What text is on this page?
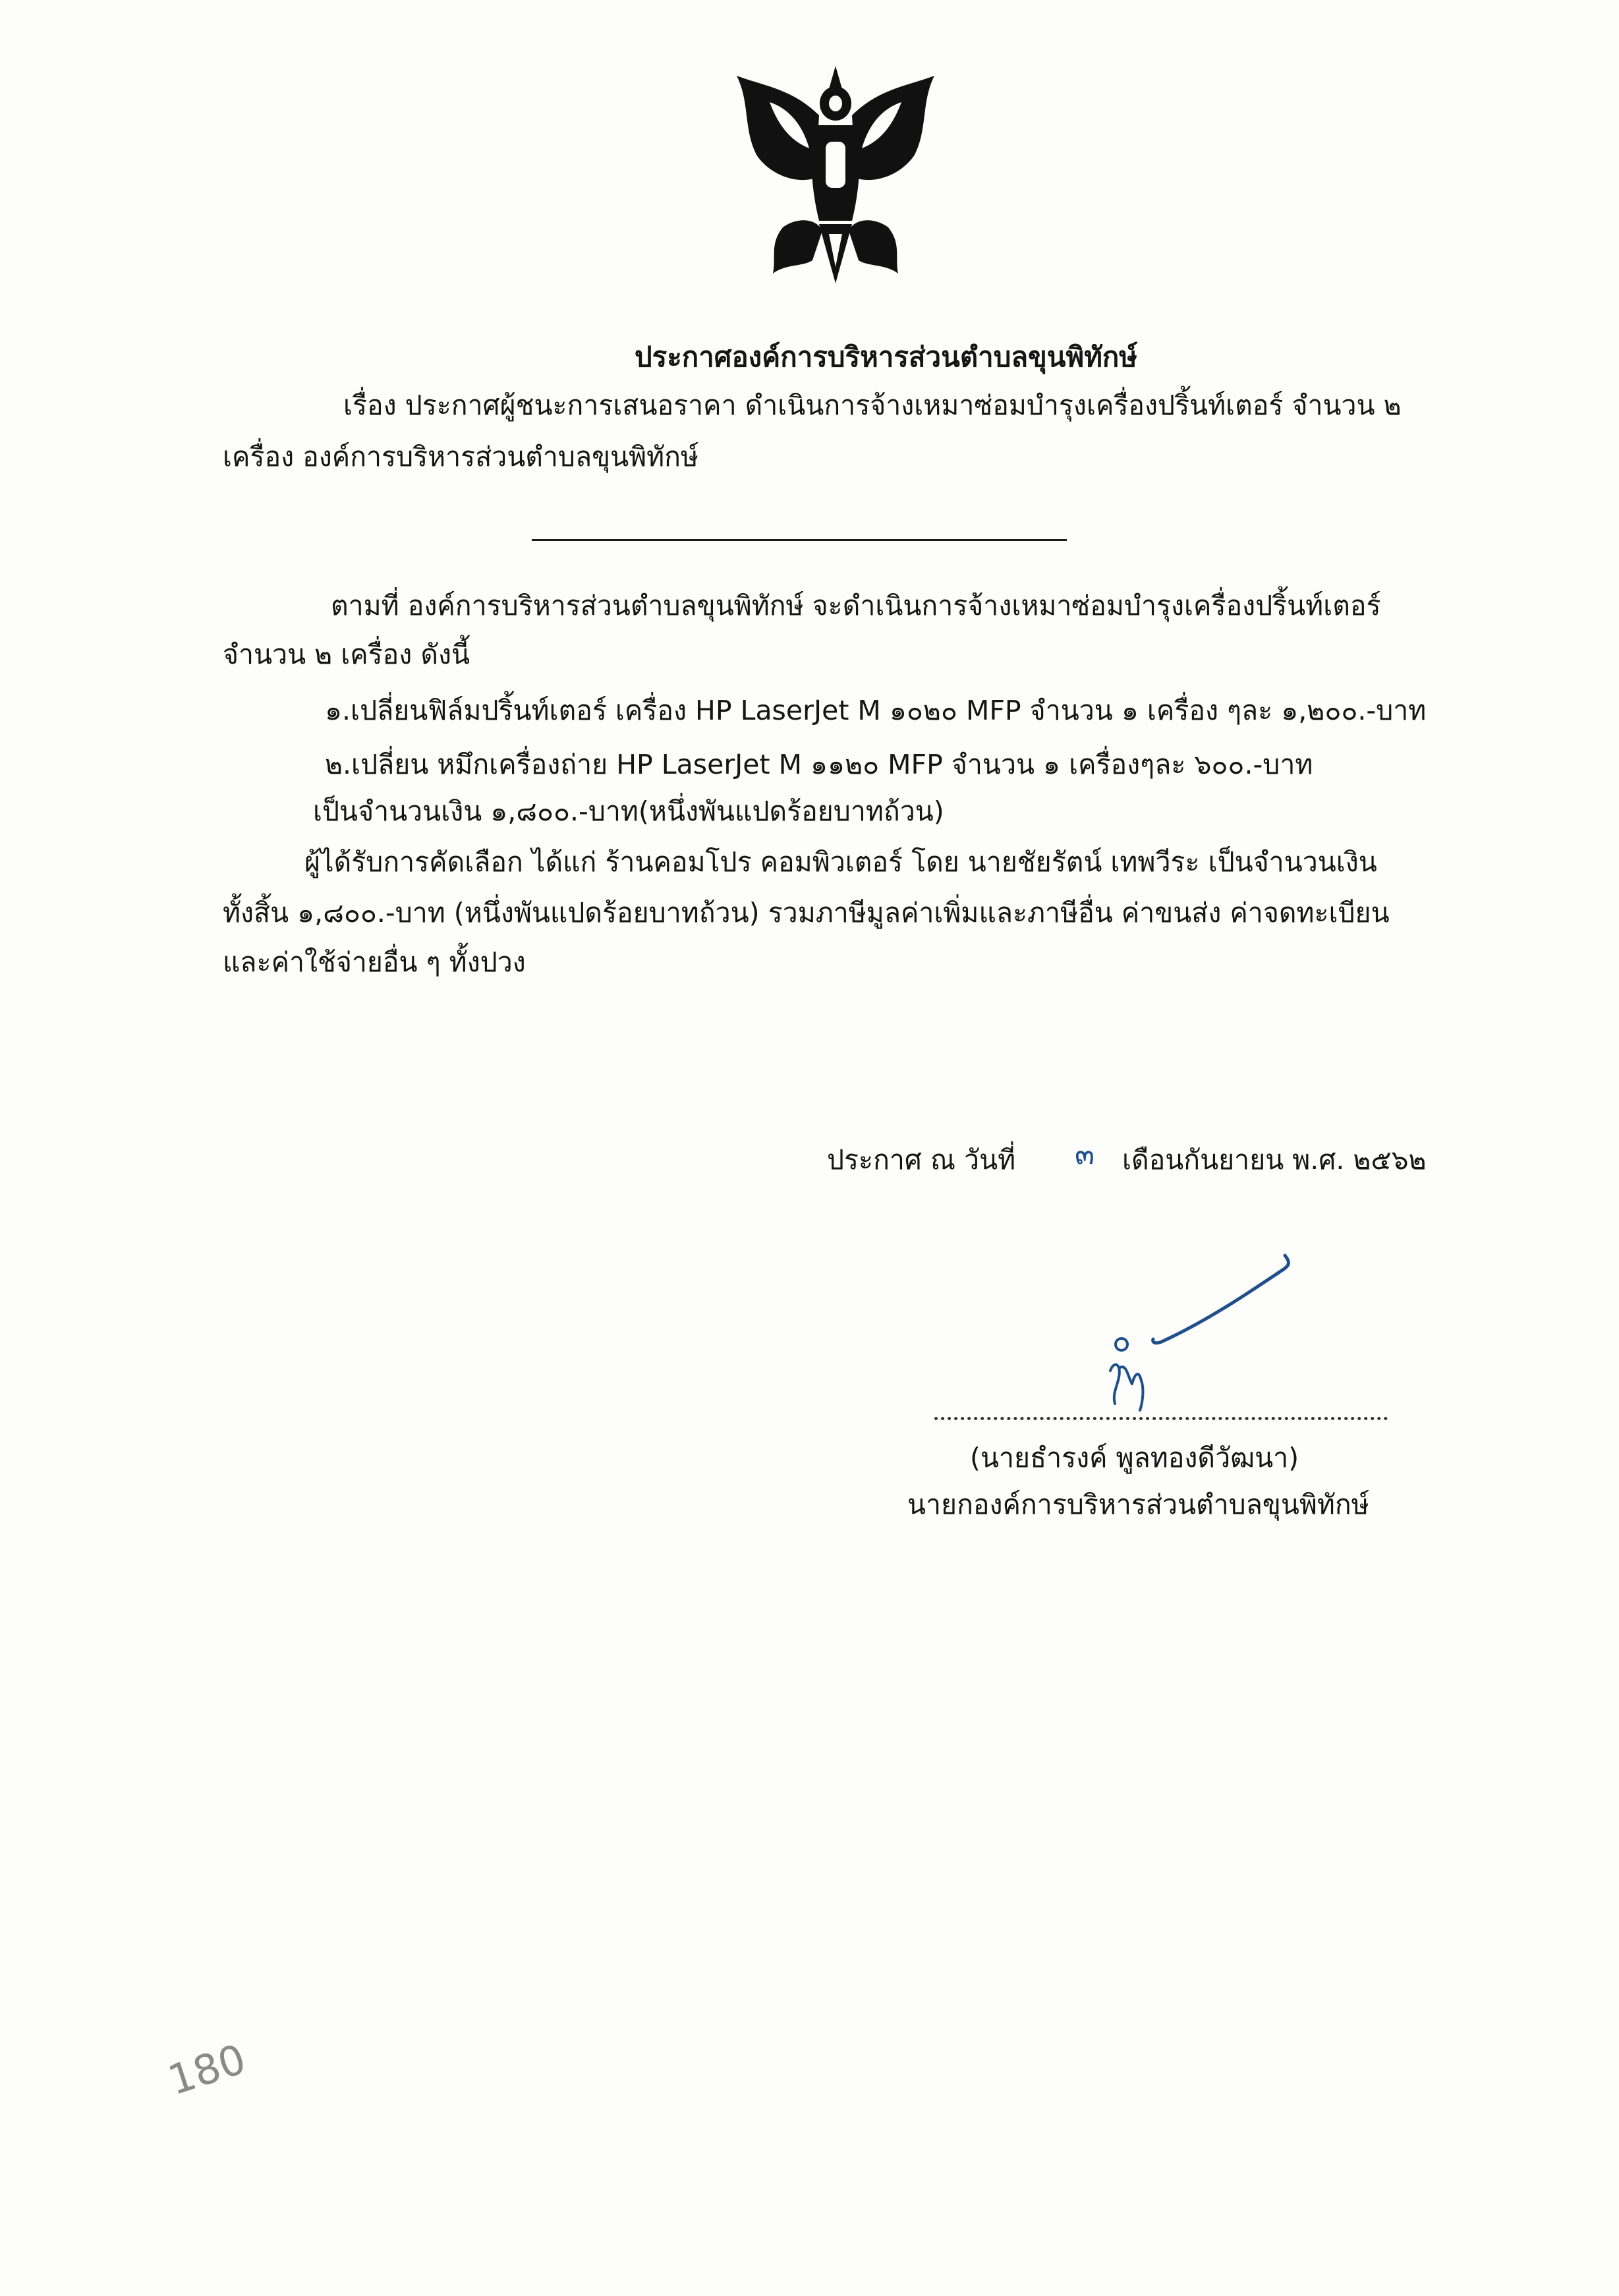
ประกาศองค์การบริหารส่วนตำบลขุนพิทักษ์
เรื่อง ประกาศผู้ชนะการเสนอราคา ดำเนินการจ้างเหมาซ่อมบำรุงเครื่องปริ้นท์เตอร์ จำนวน ๒
เครื่อง องค์การบริหารส่วนตำบลขุนพิทักษ์
ตามที่ องค์การบริหารส่วนตำบลขุนพิทักษ์ จะดำเนินการจ้างเหมาซ่อมบำรุงเครื่องปริ้นท์เตอร์
จำนวน ๒ เครื่อง ดังนี้
๑.เปลี่ยนฟิล์มปริ้นท์เตอร์ เครื่อง HP LaserJet M ๑๐๒๐ MFP จำนวน ๑ เครื่อง ๆละ ๑,๒๐๐.-บาท
๒.เปลี่ยน หมึกเครื่องถ่าย HP LaserJet M ๑๑๒๐ MFP จำนวน ๑ เครื่องๆละ ๖๐๐.-บาท
เป็นจำนวนเงิน ๑,๘๐๐.-บาท(หนึ่งพันแปดร้อยบาทถ้วน)
ผู้ได้รับการคัดเลือก ได้แก่ ร้านคอมโปร คอมพิวเตอร์ โดย นายชัยรัตน์ เทพวีระ เป็นจำนวนเงิน
ทั้งสิ้น ๑,๘๐๐.-บาท (หนึ่งพันแปดร้อยบาทถ้วน) รวมภาษีมูลค่าเพิ่มและภาษีอื่น ค่าขนส่ง ค่าจดทะเบียน
และค่าใช้จ่ายอื่น ๆ ทั้งปวง
ประกาศ ณ วันที่ ๓ เดือนกันยายน พ.ศ. ๒๕๖๒
(นายธำรงค์ พูลทองดีวัฒนา)
นายกองค์การบริหารส่วนตำบลขุนพิทักษ์
180
